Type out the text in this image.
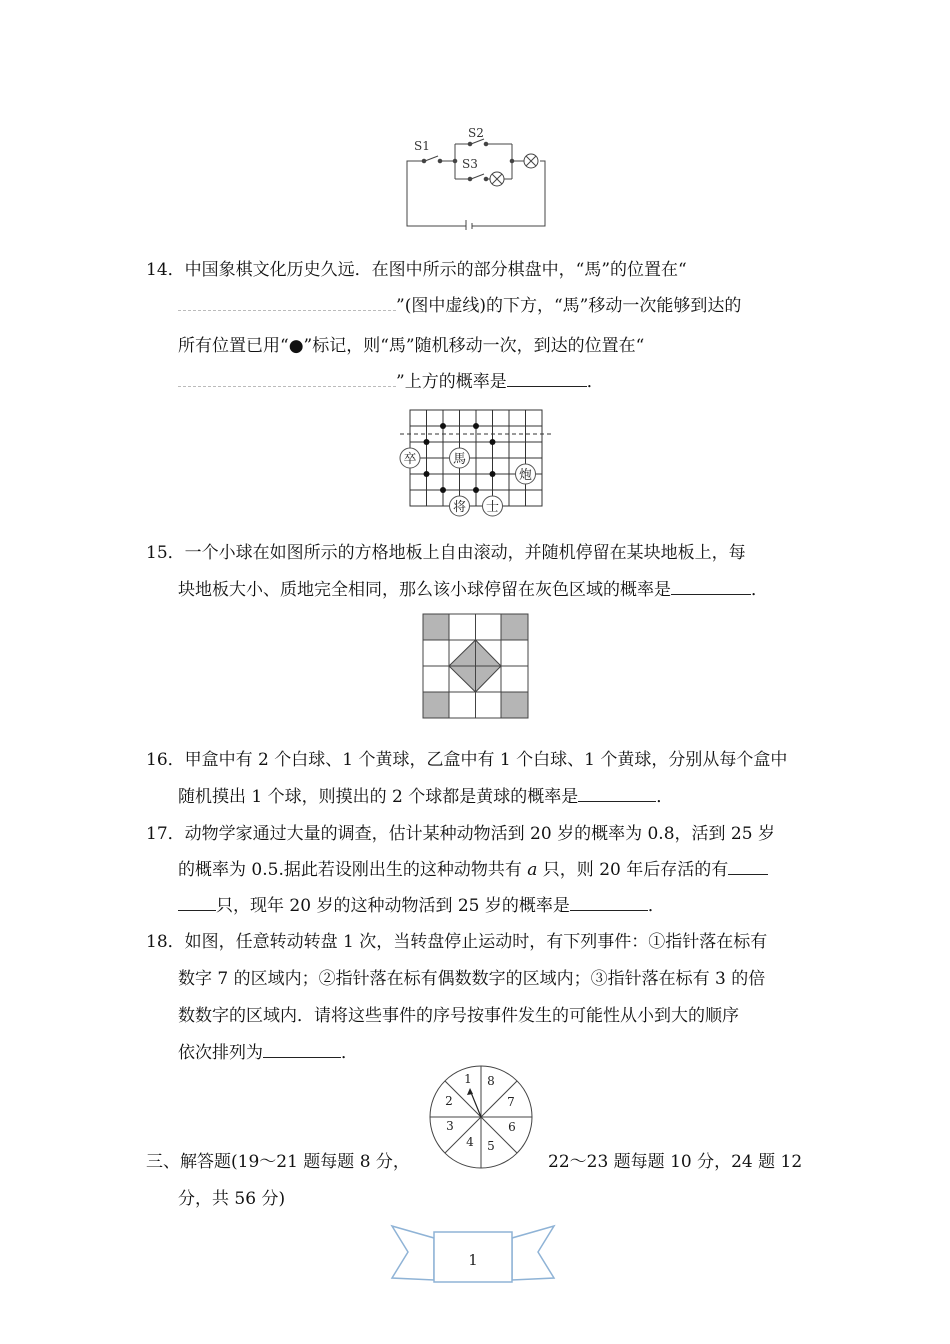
S1
S2
S3
14．中国象棋文化历史久远．在图中所示的部分棋盘中，“馬”的位置在“
”(图中虚线)的下方，“馬”移动一次能够到达的
所有位置已用“●”标记，则“馬”随机移动一次，到达的位置在“
”上方的概率是	．
卒	馬
炮
将 士
15．一个小球在如图所示的方格地板上自由滚动，并随机停留在某块地板上，每
块地板大小、质地完全相同，那么该小球停留在灰色区域的概率是	．
16．甲盒中有 2 个白球、1 个黄球，乙盒中有 1 个白球、1 个黄球，分别从每个盒中
随机摸出 1 个球，则摸出的 2 个球都是黄球的概率是	．
17．动物学家通过大量的调查，估计某种动物活到 20 岁的概率为 0.8，活到 25 岁
的概率为 0.5.据此若设刚出生的这种动物共有 a 只，则 20 年后存活的有
只，现年 20 岁的这种动物活到 25 岁的概率是	．
18．如图，任意转动转盘 1 次，当转盘停止运动时，有下列事件：①指针落在标有
数字 7 的区域内；②指针落在标有偶数数字的区域内；③指针落在标有 3 的倍
数数字的区域内．请将这些事件的序号按事件发生的可能性从小到大的顺序
依次排列为	．
1 8
7
6
5
4
3
2
三、解答题(19～21 题每题 8 分，	22～23 题每题 10 分，24 题 12
分，共 56 分)
1
